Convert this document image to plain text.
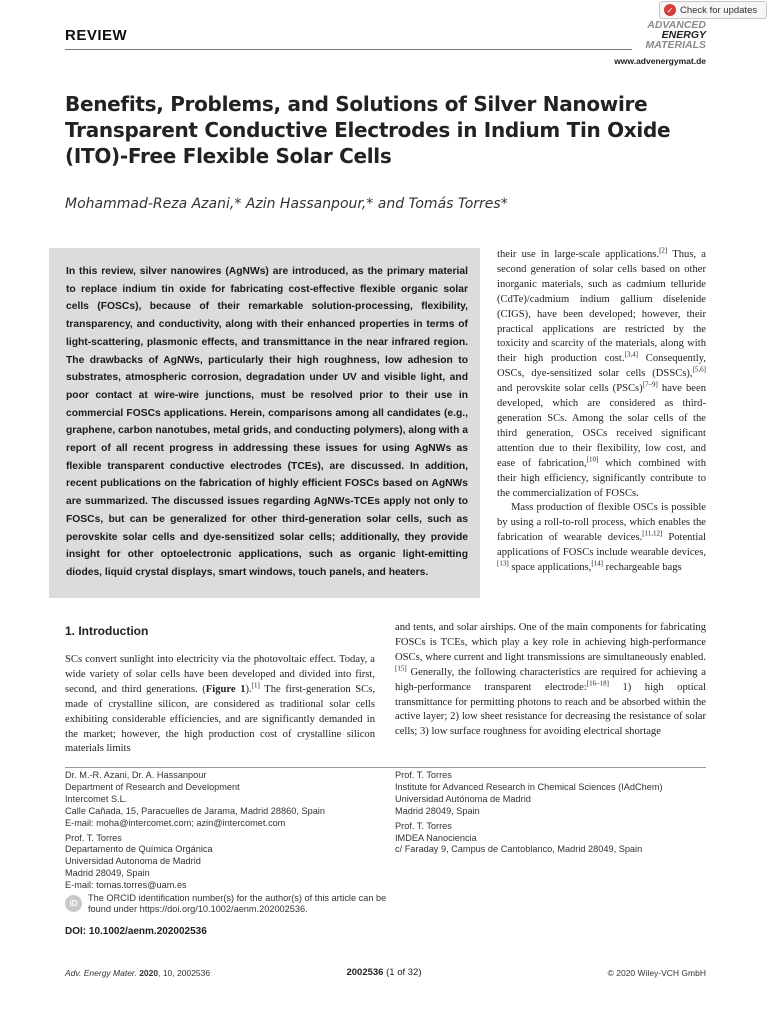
REVIEW
✓ Check for updates
ADVANCED
ENERGY
MATERIALS
www.advenergymat.de
Benefits, Problems, and Solutions of Silver Nanowire Transparent Conductive Electrodes in Indium Tin Oxide (ITO)-Free Flexible Solar Cells
Mohammad-Reza Azani,* Azin Hassanpour,* and Tomás Torres*
In this review, silver nanowires (AgNWs) are introduced, as the primary material to replace indium tin oxide for fabricating cost-effective flexible organic solar cells (FOSCs), because of their remarkable solution-processing, flexibility, transparency, and conductivity, along with their enhanced properties in terms of light-scattering, plasmonic effects, and transmittance in the near infrared region. The drawbacks of AgNWs, particularly their high roughness, low adhesion to substrates, atmospheric corrosion, degradation under UV and visible light, and poor contact at wire-wire junctions, must be resolved prior to their use in commercial FOSCs applications. Herein, comparisons among all candidates (e.g., graphene, carbon nanotubes, metal grids, and conducting polymers), along with a report of all recent progress in addressing these issues for using AgNWs as flexible transparent conductive electrodes (TCEs), are discussed. In addition, recent publications on the fabrication of highly efficient FOSCs based on AgNWs are summarized. The discussed issues regarding AgNWs-TCEs apply not only to FOSCs, but can be generalized for other third-generation solar cells, such as perovskite solar cells and dye-sensitized solar cells; additionally, they provide insight for other optoelectronic applications, such as organic light-emitting diodes, liquid crystal displays, smart windows, touch panels, and heaters.

their use in large-scale applications.[2] Thus, a second generation of solar cells based on other inorganic materials, such as cadmium telluride (CdTe)/cadmium indium gallium diselenide (CIGS), have been developed; however, their practical applications are restricted by the toxicity and scarcity of the materials, along with their high production cost.[3,4] Consequently, OSCs, dye-sensitized solar cells (DSSCs),[5,6] and perovskite solar cells (PSCs)[7–9] have been developed, which are considered as third-generation SCs. Among the solar cells of the third generation, OSCs received significant attention due to their flexibility, low cost, and ease of fabrication,[10] which combined with their high efficiency, significantly contribute to the commercialization of FOSCs.

Mass production of flexible OSCs is possible by using a roll-to-roll process, which enables the fabrication of wearable devices.[11,12] Potential applications of FOSCs include wearable devices,[13] space applications,[14] rechargeable bags

1. Introduction

SCs convert sunlight into electricity via the photovoltaic effect. Today, a wide variety of solar cells have been developed and divided into first, second, and third generations. (Figure 1).[1] The first-generation SCs, made of crystalline silicon, are considered as traditional solar cells exhibiting considerable efficiencies, and are significantly demanded in the market; however, the high production cost of crystalline silicon materials limits

and tents, and solar airships. One of the main components for fabricating FOSCs is TCEs, which play a key role in achieving high-performance OSCs, where current and light transmissions are simultaneously enabled.[15] Generally, the following characteristics are required for achieving a high-performance transparent electrode:[16–18] 1) high optical transmittance for permitting photons to reach and be absorbed within the active layer; 2) low sheet resistance for decreasing the resistance of solar cells; 3) low surface roughness for avoiding electrical shortage

Dr. M.-R. Azani, Dr. A. Hassanpour
Department of Research and Development
Intercomet S.L.
Calle Cañada, 15, Paracuelles de Jarama, Madrid 28860, Spain
E-mail: moha@intercomet.com; azin@intercomet.com
Prof. T. Torres
Departamento de Química Orgánica
Universidad Autonoma de Madrid
Madrid 28049, Spain
E-mail: tomas.torres@uam.es
Prof. T. Torres
Institute for Advanced Research in Chemical Sciences (IAdChem)
Universidad Autónoma de Madrid
Madrid 28049, Spain
Prof. T. Torres
IMDEA Nanociencia
c/ Faraday 9, Campus de Cantoblanco, Madrid 28049, Spain
iD
The ORCID identification number(s) for the author(s) of this article can be found under https://doi.org/10.1002/aenm.202002536.
DOI: 10.1002/aenm.202002536
Adv. Energy Mater. 2020, 10, 2002536	2002536 (1 of 32)	© 2020 Wiley-VCH GmbH
